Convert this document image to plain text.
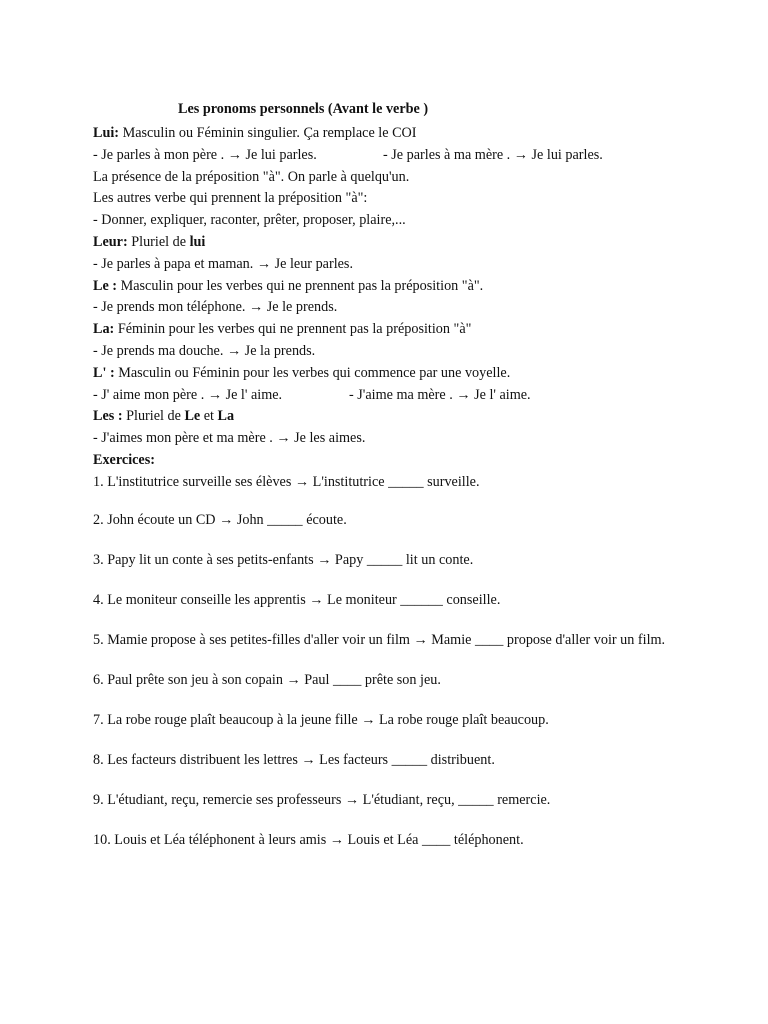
Les pronoms personnels (Avant le verbe )
Lui: Masculin ou Féminin singulier. Ça remplace le COI
- Je parles à mon père . → Je lui parles.	- Je parles à ma mère . → Je lui parles.
La présence de la préposition "à". On parle à quelqu'un.
Les autres verbe qui prennent la préposition "à":
- Donner, expliquer, raconter, prêter, proposer, plaire,...
Leur: Pluriel de lui
- Je parles à papa et maman. → Je leur parles.
Le : Masculin pour les verbes qui ne prennent pas la préposition "à".
- Je prends mon téléphone. → Je le prends.
La: Féminin pour les verbes qui ne prennent pas la préposition "à"
- Je prends ma douche. → Je la prends.
L' : Masculin ou Féminin pour les verbes qui commence par une voyelle.
- J' aime mon père . → Je l' aime.	- J'aime ma mère . → Je l' aime.
Les : Pluriel de Le et La
- J'aimes mon père et ma mère . → Je les aimes.
Exercices:
1. L'institutrice surveille ses élèves → L'institutrice _____ surveille.
2. John écoute un CD → John _____ écoute.
3. Papy lit un conte à ses petits-enfants → Papy _____ lit un conte.
4. Le moniteur conseille les apprentis → Le moniteur ______ conseille.
5. Mamie propose à ses petites-filles d'aller voir un film → Mamie ____ propose d'aller voir un film.
6. Paul prête son jeu à son copain → Paul ____ prête son jeu.
7. La robe rouge plaît beaucoup à la jeune fille → La robe rouge plaît beaucoup.
8. Les facteurs distribuent les lettres → Les facteurs _____ distribuent.
9. L'étudiant, reçu, remercie ses professeurs → L'étudiant, reçu, _____ remercie.
10. Louis et Léa téléphonent à leurs amis → Louis et Léa ____ téléphonent.
